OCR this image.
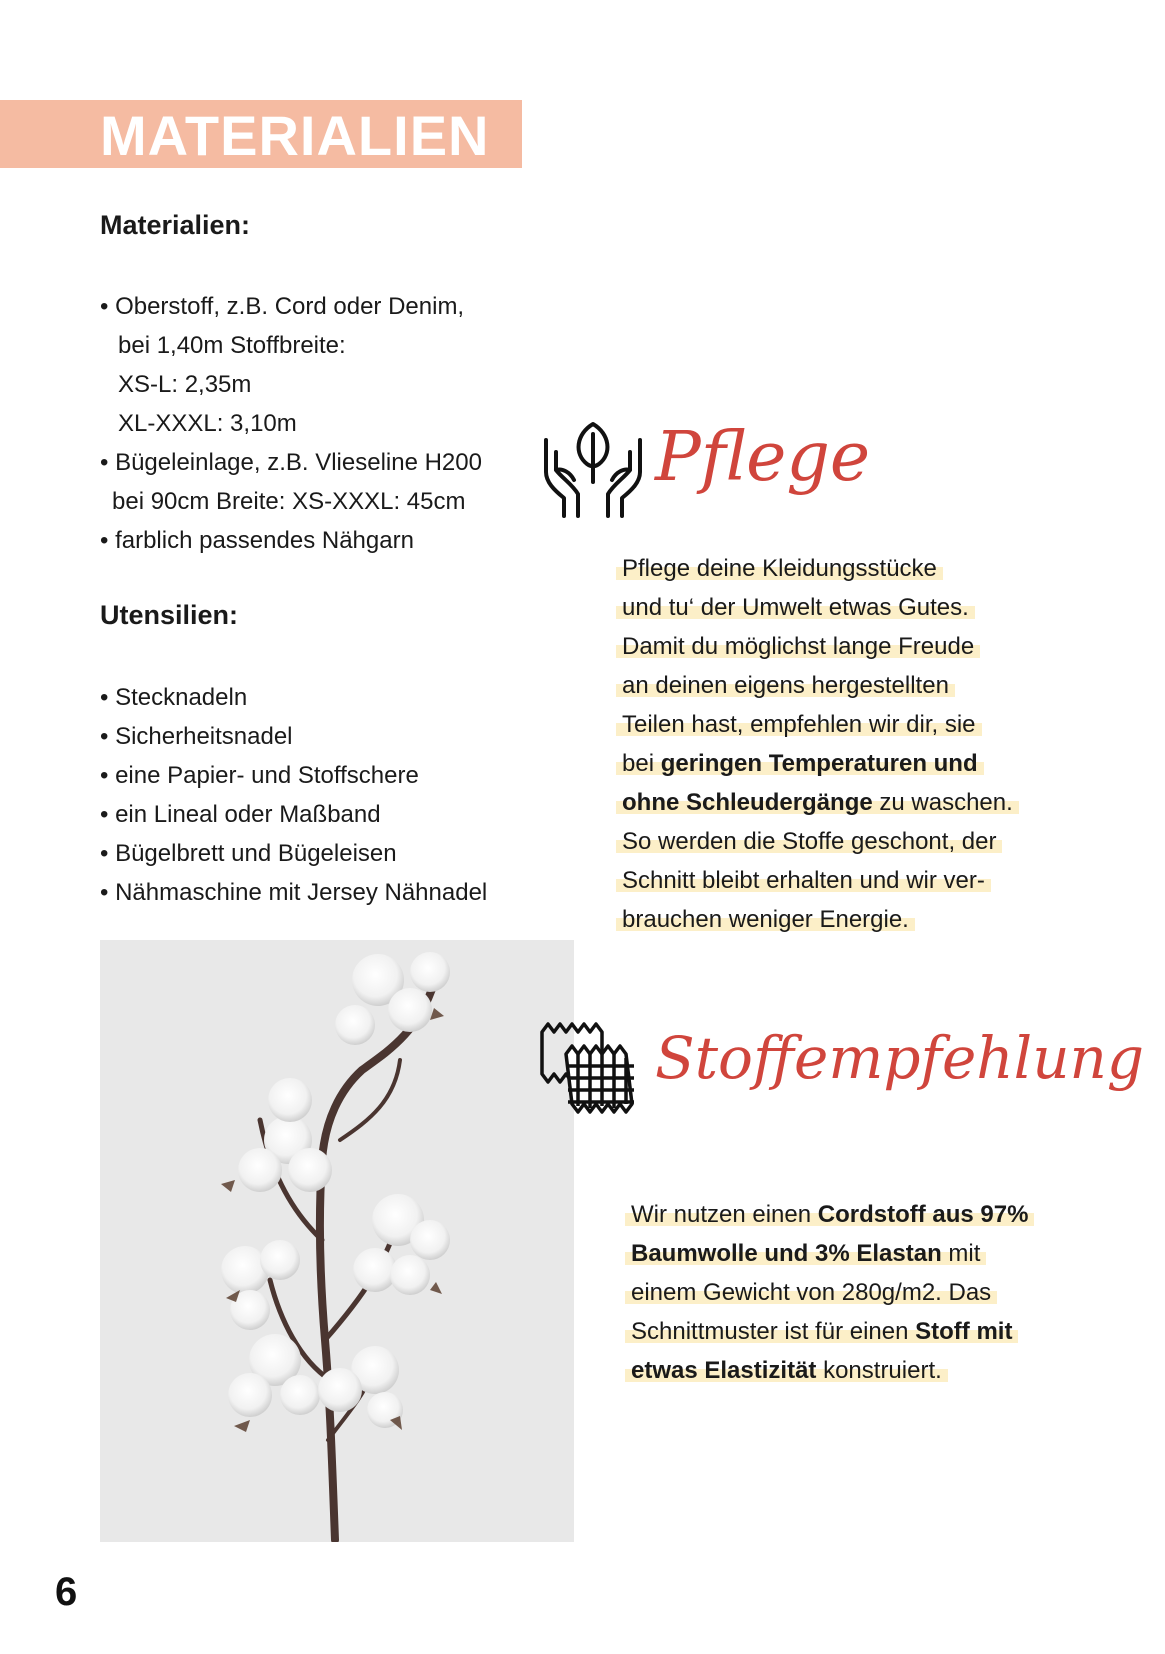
MATERIALIEN
Materialien:
• Oberstoff, z.B. Cord oder Denim,
bei 1,40m Stoffbreite:
XS-L: 2,35m
XL-XXXL: 3,10m
• Bügeleinlage, z.B. Vlieseline H200
bei 90cm Breite: XS-XXXL: 45cm
• farblich passendes Nähgarn
Utensilien:
• Stecknadeln
• Sicherheitsnadel
• eine Papier- und Stoffschere
• ein Lineal oder Maßband
• Bügelbrett und Bügeleisen
• Nähmaschine mit Jersey Nähnadel
Pflege
Pflege deine Kleidungsstücke
und tu‘ der Umwelt etwas Gutes.
Damit du möglichst lange Freude
an deinen eigens hergestellten
Teilen hast, empfehlen wir dir, sie
bei geringen Temperaturen und
ohne Schleudergänge zu waschen.
So werden die Stoffe geschont, der
Schnitt bleibt erhalten und wir ver-
brauchen weniger Energie.
Stoffempfehlung
Wir nutzen einen Cordstoff aus 97%
Baumwolle und 3% Elastan mit
einem Gewicht von 280g/m2. Das
Schnittmuster ist für einen Stoff mit
etwas Elastizität konstruiert.
6
